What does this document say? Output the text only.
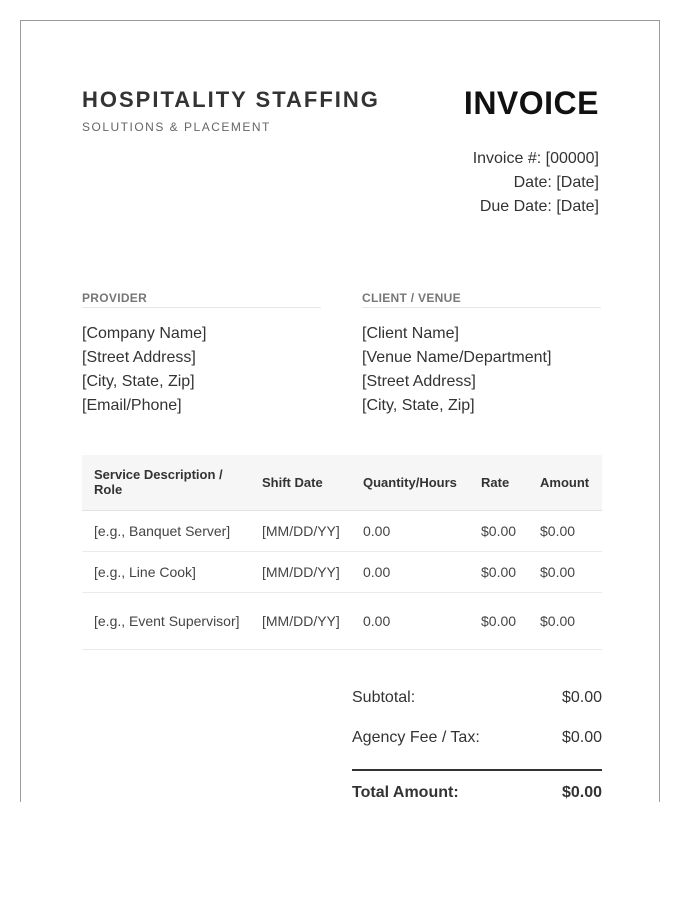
HOSPITALITY STAFFING
SOLUTIONS & PLACEMENT
INVOICE
Invoice #: [00000]
Date: [Date]
Due Date: [Date]
PROVIDER
[Company Name]
[Street Address]
[City, State, Zip]
[Email/Phone]
CLIENT / VENUE
[Client Name]
[Venue Name/Department]
[Street Address]
[City, State, Zip]
Service Description / Role	Shift Date	Quantity/Hours	Rate	Amount
[e.g., Banquet Server]	[MM/DD/YY]	0.00	$0.00	$0.00
[e.g., Line Cook]	[MM/DD/YY]	0.00	$0.00	$0.00
[e.g., Event Supervisor]	[MM/DD/YY]	0.00	$0.00	$0.00
Subtotal:	$0.00
Agency Fee / Tax:	$0.00
Total Amount:	$0.00
